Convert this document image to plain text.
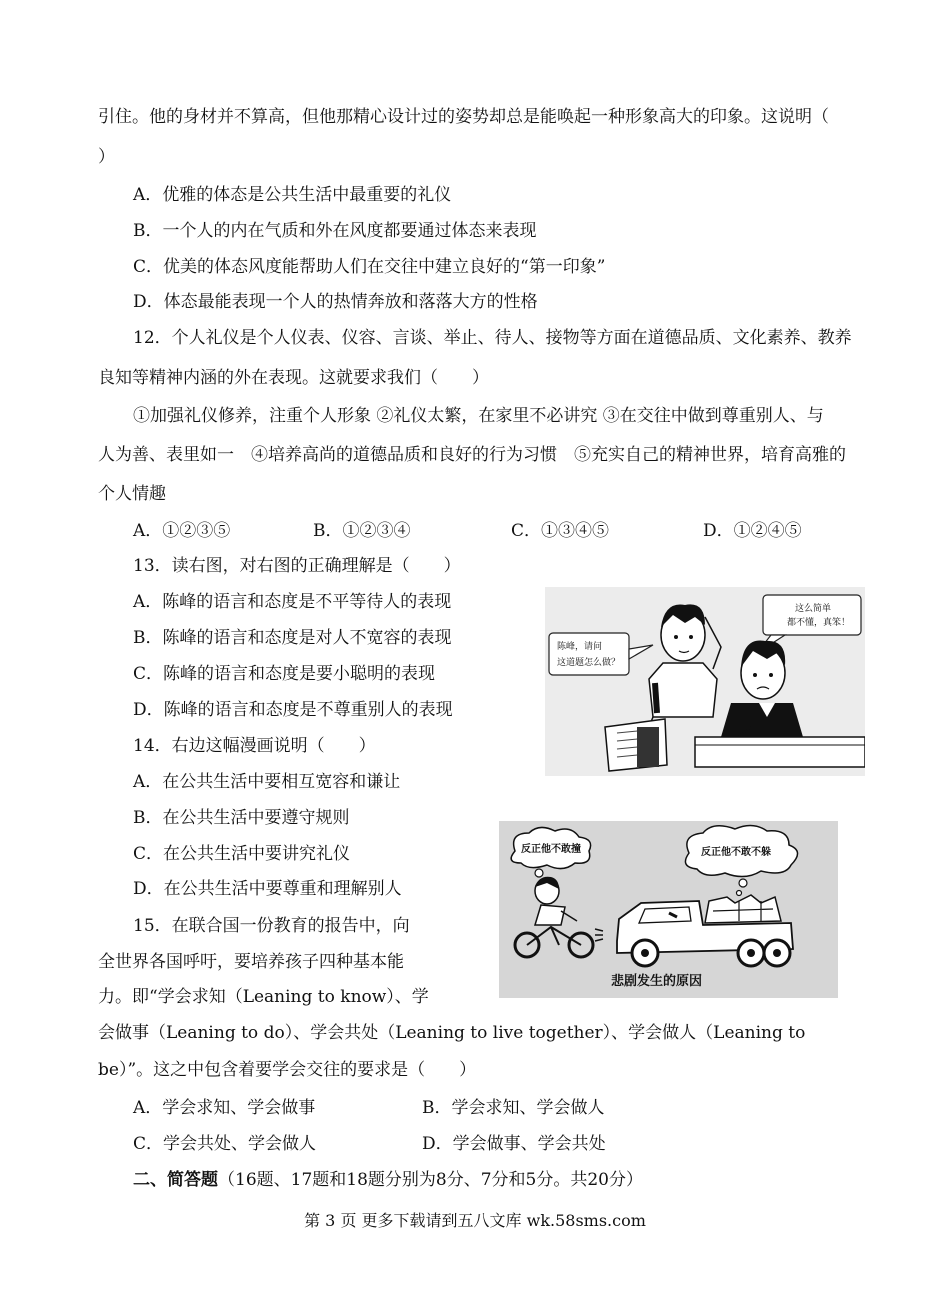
引住。他的身材并不算高，但他那精心设计过的姿势却总是能唤起一种形象高大的印象。这说明（
）
A．优雅的体态是公共生活中最重要的礼仪
B．一个人的内在气质和外在风度都要通过体态来表现
C．优美的体态风度能帮助人们在交往中建立良好的“第一印象”
D．体态最能表现一个人的热情奔放和落落大方的性格
12．个人礼仪是个人仪表、仪容、言谈、举止、待人、接物等方面在道德品质、文化素养、教养
良知等精神内涵的外在表现。这就要求我们（　　）
①加强礼仪修养，注重个人形象 ②礼仪太繁，在家里不必讲究 ③在交往中做到尊重别人、与
人为善、表里如一　④培养高尚的道德品质和良好的行为习惯　⑤充实自己的精神世界，培育高雅的
个人情趣
A．①②③⑤	B．①②③④	C．①③④⑤	D．①②④⑤
13．读右图，对右图的正确理解是（　　）
A．陈峰的语言和态度是不平等待人的表现
B．陈峰的语言和态度是对人不宽容的表现
C．陈峰的语言和态度是要小聪明的表现
D．陈峰的语言和态度是不尊重别人的表现
陈峰，请问
这道题怎么做？
这么简单
都不懂，真笨！
14．右边这幅漫画说明（　　）
A．在公共生活中要相互宽容和谦让
B．在公共生活中要遵守规则
C．在公共生活中要讲究礼仪
D．在公共生活中要尊重和理解别人
反正他不敢撞	反正他不敢不躲
悲剧发生的原因
15．在联合国一份教育的报告中，向
全世界各国呼吁，要培养孩子四种基本能
力。即“学会求知（Leaning to know）、学
会做事（Leaning to do）、学会共处（Leaning to live together）、学会做人（Leaning to
be）”。这之中包含着要学会交往的要求是（　　）
A．学会求知、学会做事	B．学会求知、学会做人
C．学会共处、学会做人	D．学会做事、学会共处
二、简答题（16题、17题和18题分别为8分、7分和5分。共20分）
第 3 页 更多下载请到五八文库 wk.58sms.com
